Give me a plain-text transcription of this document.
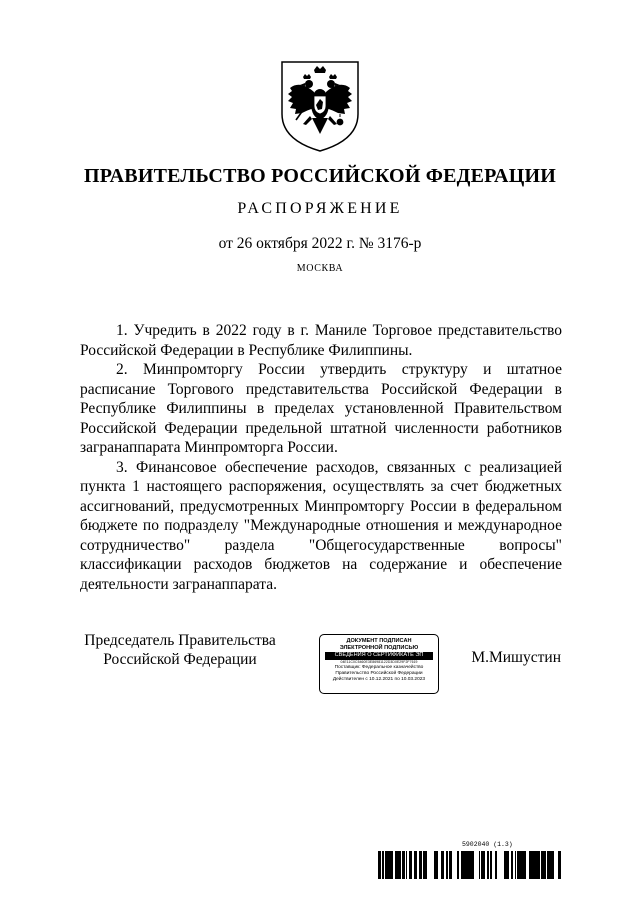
ПРАВИТЕЛЬСТВО РОССИЙСКОЙ ФЕДЕРАЦИИ
РАСПОРЯЖЕНИЕ
от 26 октября 2022 г. № 3176-р
МОСКВА

1. Учредить в 2022 году в г. Маниле Торговое представительство Российской Федерации в Республике Филиппины.

2. Минпромторгу России утвердить структуру и штатное расписание Торгового представительства Российской Федерации в Республике Филиппины в пределах установленной Правительством Российской Федерации предельной штатной численности работников загранаппарата Минпромторга России.

3. Финансовое обеспечение расходов, связанных с реализацией пункта 1 настоящего распоряжения, осуществлять за счет бюджетных ассигнований, предусмотренных Минпромторгу России в федеральном бюджете по подразделу "Международные отношения и международное сотрудничество" раздела "Общегосударственные вопросы" классификации расходов бюджетов на содержание и обеспечение деятельности загранаппарата.

Председатель Правительства
Российской Федерации
ДОКУМЕНТ ПОДПИСАН
ЭЛЕКТРОННОЙ ПОДПИСЬЮ
СВЕДЕНИЯ О СЕРТИФИКАТЕ ЭП
04E11C0C5460E3E86981122D3D0E29F2F7619
Поставщик: Федеральное казначейство
Правительство Российской Федерации
Действителен с 10.12.2021 по 10.03.2023
М.Мишустин
5902040 (1.3)
